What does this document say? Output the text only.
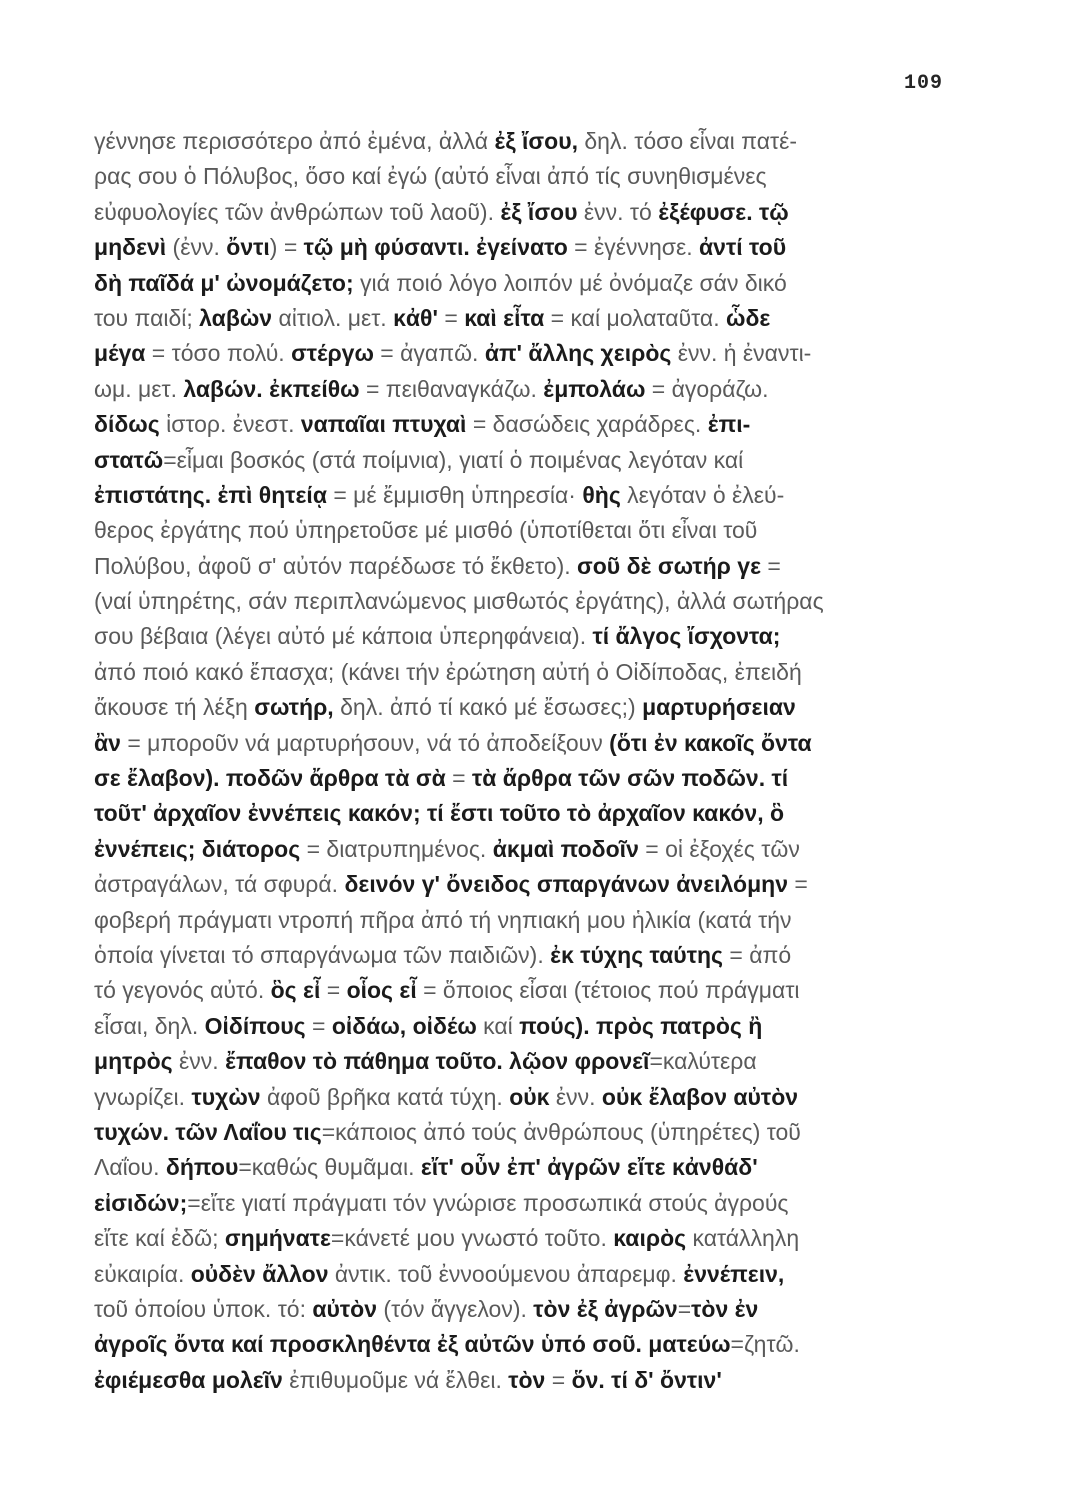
109
γέννησε περισσότερο ἀπό ἐμένα, ἀλλά ἐξ ἴσου, δηλ. τόσο εἶναι πατέ-
ρας σου ὁ Πόλυβος, ὅσο καί ἐγώ (αὐτό εἶναι ἀπό τίς συνηθισμένες
εὐφυολογίες τῶν ἀνθρώπων τοῦ λαοῦ). ἐξ ἴσου ἐνν. τό ἐξέφυσε. τῷ
μηδενὶ (ἐνν. ὄντι) = τῷ μὴ φύσαντι. ἐγείνατο = ἐγέννησε. ἀντί τοῦ
δὴ παῖδά μ' ὠνομάζετο; γιά ποιό λόγο λοιπόν μέ ὀνόμαζε σάν δικό
του παιδί; λαβὼν αἰτιολ. μετ. κἀθ' = καὶ εἶτα = καί μολαταῦτα. ὧδε
μέγα = τόσο πολύ. στέργω = ἀγαπῶ. ἀπ' ἄλλης χειρὸς ἐνν. ἡ ἐναντι-
ωμ. μετ. λαβών. ἐκπείθω = πειθαναγκάζω. ἐμπολάω = ἀγοράζω.
δίδως ἱστορ. ἐνεστ. ναπαῖαι πτυχαὶ = δασώδεις χαράδρες. ἐπι-
στατῶ=εἶμαι βοσκός (στά ποίμνια), γιατί ὁ ποιμένας λεγόταν καί
ἐπιστάτης. ἐπὶ θητείᾳ = μέ ἔμμισθη ὑπηρεσία· θὴς λεγόταν ὁ ἐλεύ-
θερος ἐργάτης πού ὑπηρετοῦσε μέ μισθό (ὑποτίθεται ὅτι εἶναι τοῦ
Πολύβου, ἀφοῦ σ' αὐτόν παρέδωσε τό ἔκθετο). σοῦ δὲ σωτήρ γε =
(ναί ὑπηρέτης, σάν περιπλανώμενος μισθωτός ἐργάτης), ἀλλά σωτήρας
σου βέβαια (λέγει αὐτό μέ κάποια ὑπερηφάνεια). τί ἄλγος ἴσχοντα;
ἀπό ποιό κακό ἔπασχα; (κάνει τήν ἐρώτηση αὐτή ὁ Οἰδίποδας, ἐπειδή
ἄκουσε τή λέξη σωτήρ, δηλ. ἀπό τί κακό μέ ἔσωσες;) μαρτυρήσειαν
ἂν = μποροῦν νά μαρτυρήσουν, νά τό ἀποδείξουν (ὅτι ἐν κακοῖς ὄντα
σε ἔλαβον). ποδῶν ἄρθρα τὰ σὰ = τὰ ἄρθρα τῶν σῶν ποδῶν. τί
τοῦτ' ἀρχαῖον ἐννέπεις κακόν; τί ἔστι τοῦτο τὸ ἀρχαῖον κακόν, ὃ
ἐννέπεις; διάτορος = διατρυπημένος. ἀκμαὶ ποδοῖν = οἱ ἐξοχές τῶν
ἀστραγάλων, τά σφυρά. δεινόν γ' ὄνειδος σπαργάνων ἀνειλόμην =
φοβερή πράγματι ντροπή πῆρα ἀπό τή νηπιακή μου ἡλικία (κατά τήν
ὁποία γίνεται τό σπαργάνωμα τῶν παιδιῶν). ἐκ τύχης ταύτης = ἀπό
τό γεγονός αὐτό. ὃς εἶ = οἷος εἶ = ὅποιος εἶσαι (τέτοιος πού πράγματι
εἶσαι, δηλ. Οἰδίπους = οἰδάω, οἰδέω καί πούς). πρὸς πατρὸς ἢ
μητρὸς ἐνν. ἔπαθον τὸ πάθημα τοῦτο. λῷον φρονεῖ=καλύτερα
γνωρίζει. τυχὼν ἀφοῦ βρῆκα κατά τύχη. οὐκ ἐνν. οὐκ ἔλαβον αὐτὸν
τυχών. τῶν Λαΐου τις=κάποιος ἀπό τούς ἀνθρώπους (ὑπηρέτες) τοῦ
Λαΐου. δήπου=καθώς θυμᾶμαι. εἴτ' οὖν ἐπ' ἀγρῶν εἴτε κἀνθάδ'
εἰσιδών;=εἴτε γιατί πράγματι τόν γνώρισε προσωπικά στούς ἀγρούς
εἴτε καί ἐδῶ; σημήνατε=κάνετέ μου γνωστό τοῦτο. καιρὸς κατάλληλη
εὐκαιρία. οὐδὲν ἄλλον ἀντικ. τοῦ ἐννοούμενου ἀπαρεμφ. ἐννέπειν,
τοῦ ὁποίου ὑποκ. τό: αὐτὸν (τόν ἄγγελον). τὸν ἐξ ἀγρῶν=τὸν ἐν
ἀγροῖς ὄντα καί προσκληθέντα ἐξ αὐτῶν ὑπό σοῦ. ματεύω=ζητῶ.
ἐφιέμεσθα μολεῖν ἐπιθυμοῦμε νά ἔλθει. τὸν = ὅν. τί δ' ὄντιν'
